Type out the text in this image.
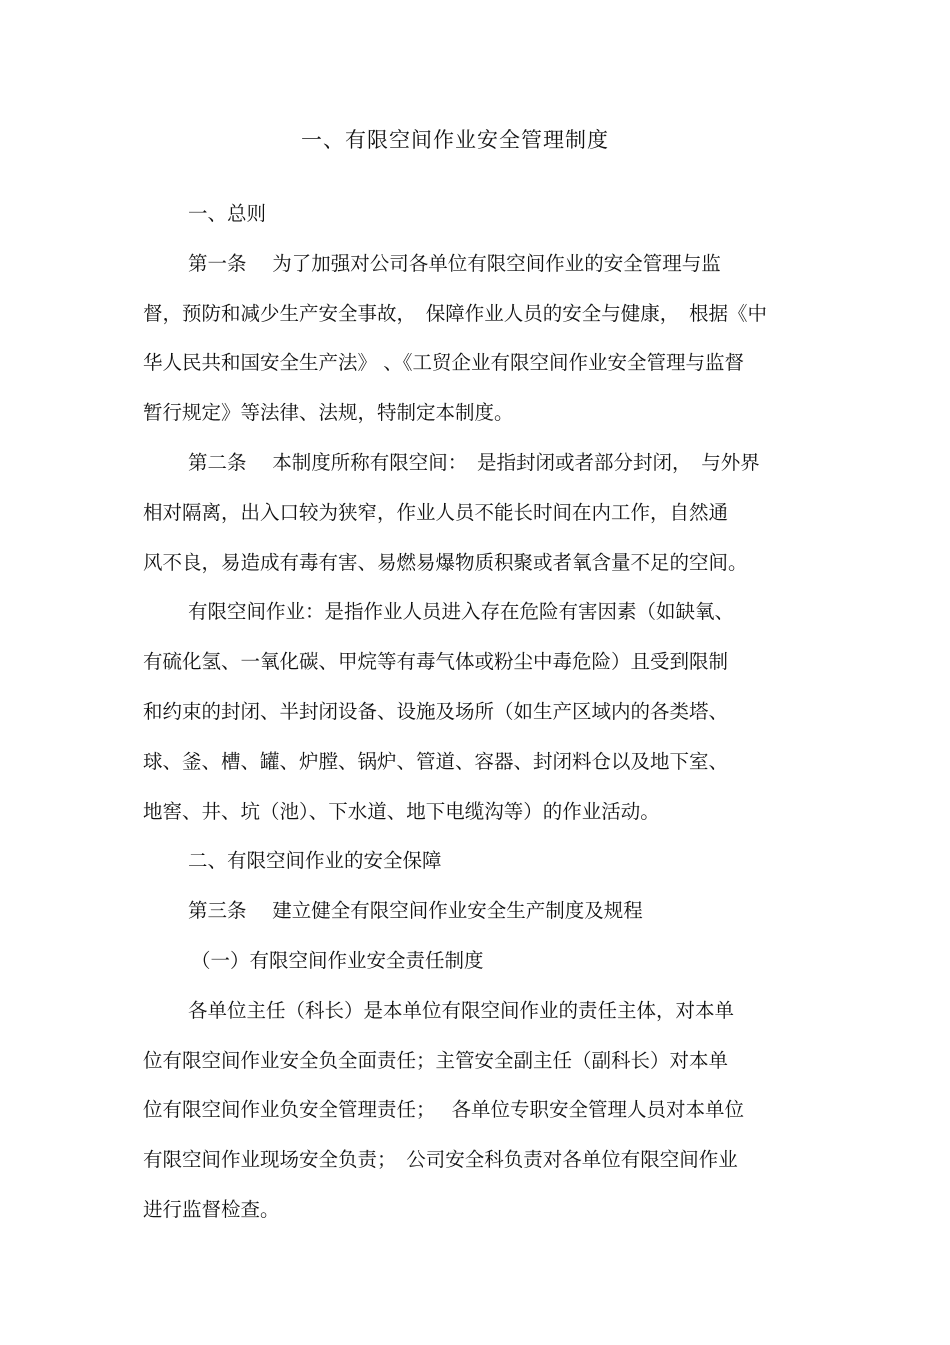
一、有限空间作业安全管理制度
一、总则
第一条　 为了加强对公司各单位有限空间作业的安全管理与监
督，预防和减少生产安全事故，　保障作业人员的安全与健康，　根据《中
华人民共和国安全生产法》 、《工贸企业有限空间作业安全管理与监督
暂行规定》等法律、法规，特制定本制度。
第二条　 本制度所称有限空间：　是指封闭或者部分封闭，　与外界
相对隔离，出入口较为狭窄，作业人员不能长时间在内工作，自然通
风不良，易造成有毒有害、易燃易爆物质积聚或者氧含量不足的空间。
有限空间作业：是指作业人员进入存在危险有害因素（如缺氧、
有硫化氢、一氧化碳、甲烷等有毒气体或粉尘中毒危险）且受到限制
和约束的封闭、半封闭设备、设施及场所（如生产区域内的各类塔、
球、釜、槽、罐、炉膛、锅炉、管道、容器、封闭料仓以及地下室、
地窖、井、坑（池）、下水道、地下电缆沟等）的作业活动。
二、有限空间作业的安全保障
第三条　 建立健全有限空间作业安全生产制度及规程
（一）有限空间作业安全责任制度
各单位主任（科长）是本单位有限空间作业的责任主体，对本单
位有限空间作业安全负全面责任；主管安全副主任（副科长）对本单
位有限空间作业负安全管理责任；　 各单位专职安全管理人员对本单位
有限空间作业现场安全负责；　公司安全科负责对各单位有限空间作业
进行监督检查。
